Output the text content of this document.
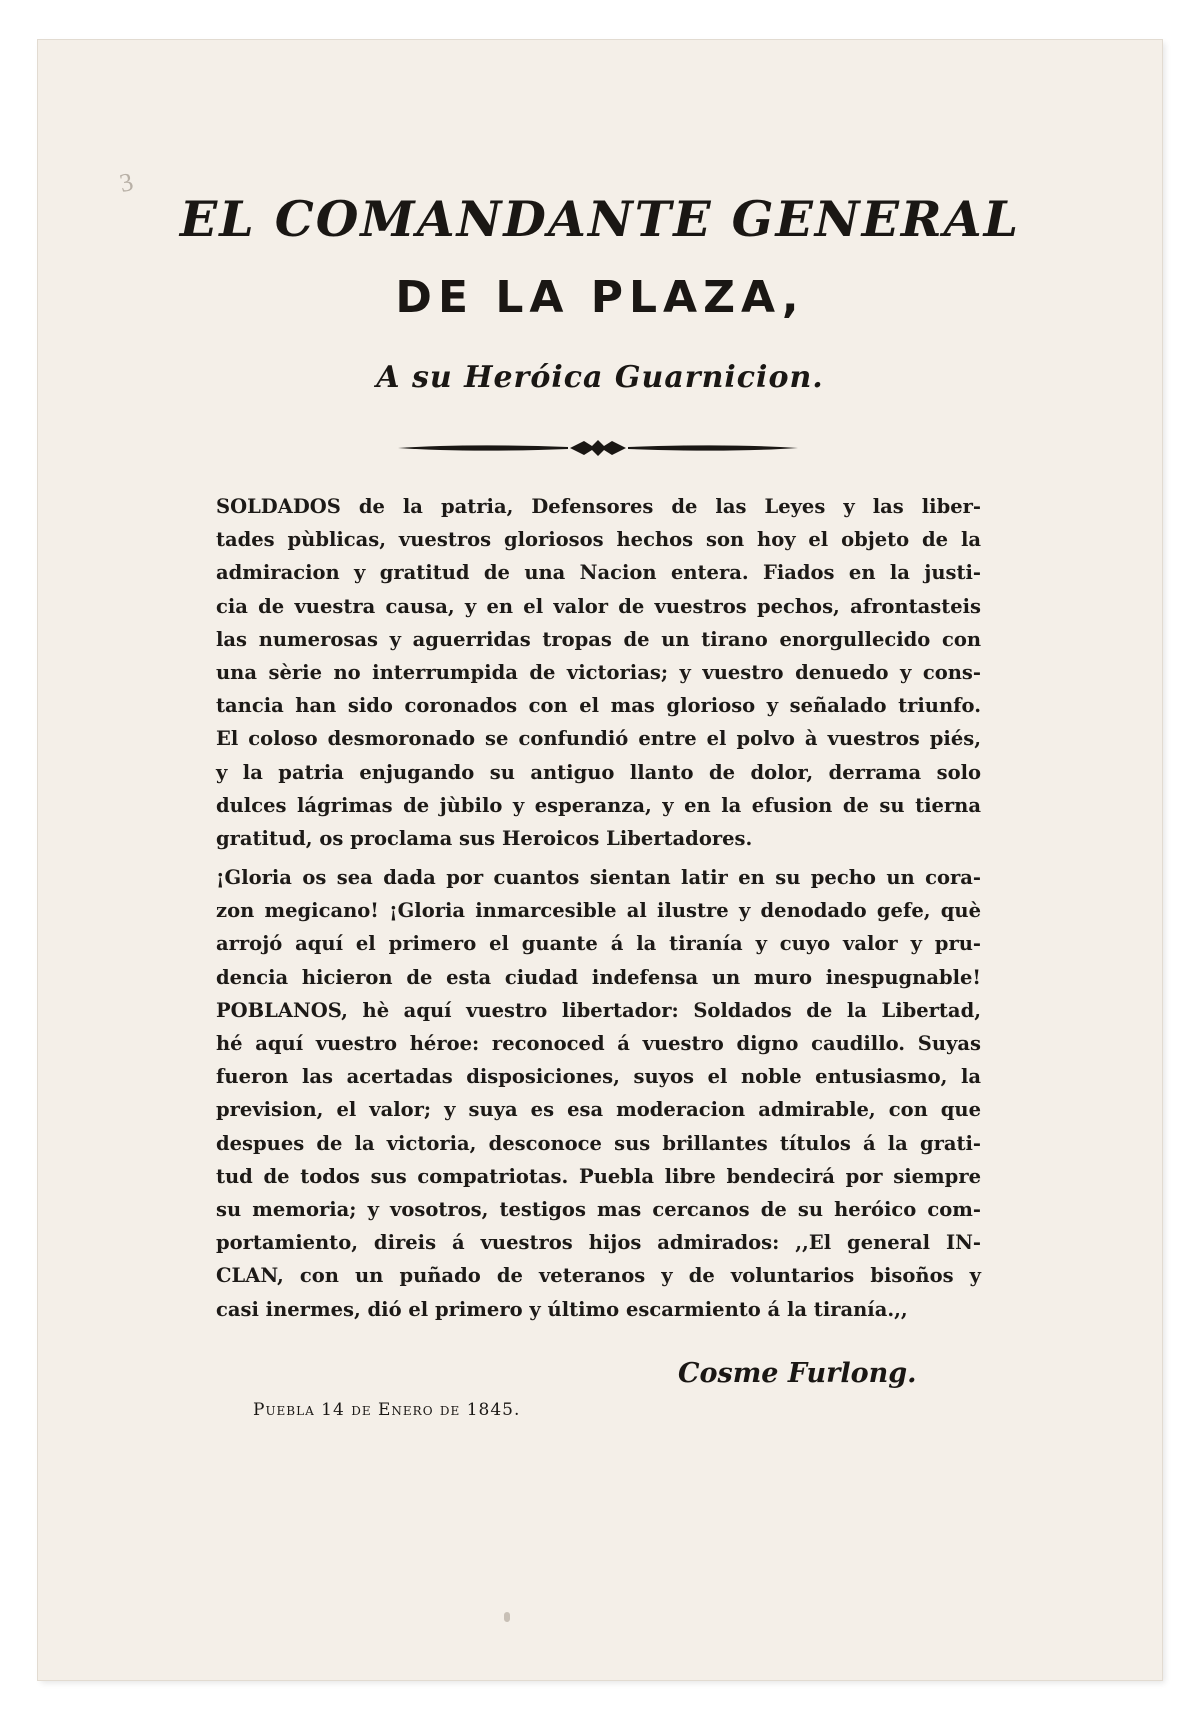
3
EL COMANDANTE GENERAL
DE LA PLAZA,
A su Heróica Guarnicion.
SOLDADOS de la patria, Defensores de las Leyes y las liber-
tades pùblicas, vuestros gloriosos hechos son hoy el objeto de la
admiracion y gratitud de una Nacion entera. Fiados en la justi-
cia de vuestra causa, y en el valor de vuestros pechos, afrontasteis
las numerosas y aguerridas tropas de un tirano enorgullecido con
una sèrie no interrumpida de victorias; y vuestro denuedo y cons-
tancia han sido coronados con el mas glorioso y señalado triunfo.
El coloso desmoronado se confundió entre el polvo à vuestros piés,
y la patria enjugando su antiguo llanto de dolor, derrama solo
dulces lágrimas de jùbilo y esperanza, y en la efusion de su tierna
gratitud, os proclama sus Heroicos Libertadores.
¡Gloria os sea dada por cuantos sientan latir en su pecho un cora-
zon megicano! ¡Gloria inmarcesible al ilustre y denodado gefe, què
arrojó aquí el primero el guante á la tiranía y cuyo valor y pru-
dencia hicieron de esta ciudad indefensa un muro inespugnable!
POBLANOS, hè aquí vuestro libertador: Soldados de la Libertad,
hé aquí vuestro héroe: reconoced á vuestro digno caudillo. Suyas
fueron las acertadas disposiciones, suyos el noble entusiasmo, la
prevision, el valor; y suya es esa moderacion admirable, con que
despues de la victoria, desconoce sus brillantes títulos á la grati-
tud de todos sus compatriotas. Puebla libre bendecirá por siempre
su memoria; y vosotros, testigos mas cercanos de su heróico com-
portamiento, direis á vuestros hijos admirados: ,,El general IN-
CLAN, con un puñado de veteranos y de voluntarios bisoños y
casi inermes, dió el primero y último escarmiento á la tiranía.,,
Cosme Furlong.
Puebla 14 de Enero de 1845.
